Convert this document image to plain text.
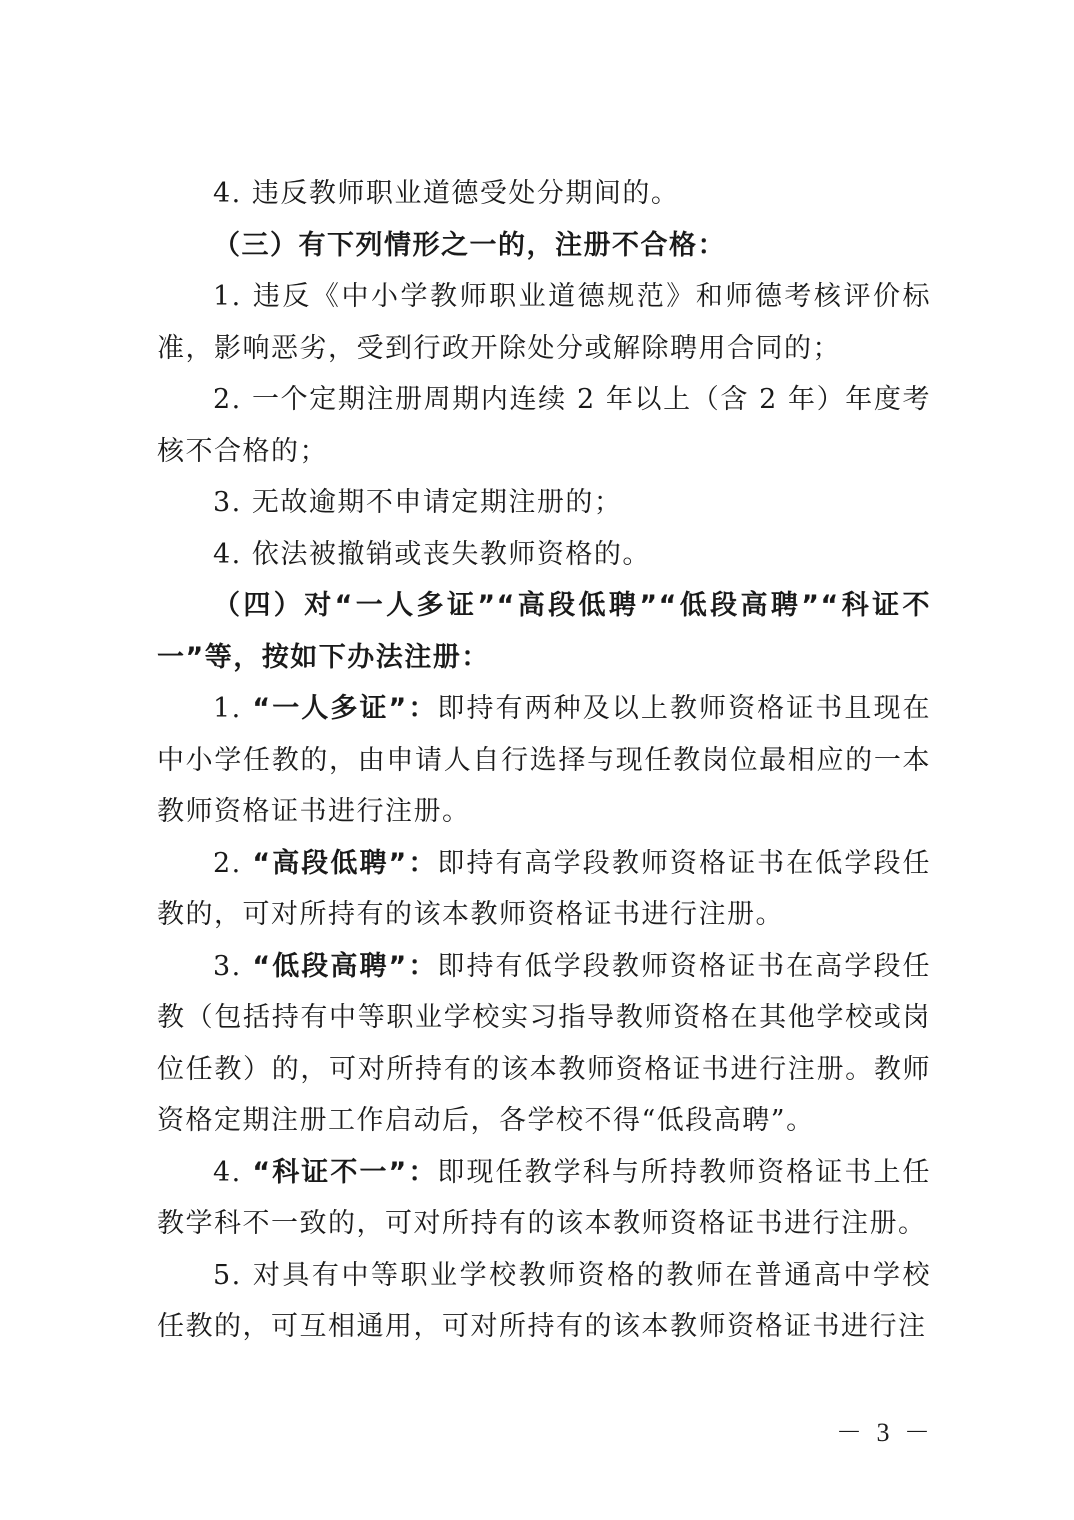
4. 违反教师职业道德受处分期间的。

（三）有下列情形之一的，注册不合格：

1. 违反《中小学教师职业道德规范》和师德考核评价标准，影响恶劣，受到行政开除处分或解除聘用合同的；

2. 一个定期注册周期内连续 2 年以上（含 2 年）年度考核不合格的；

3. 无故逾期不申请定期注册的；

4. 依法被撤销或丧失教师资格的。

（四）对“一人多证”“高段低聘”“低段高聘”“科证不一”等，按如下办法注册：

1. “一人多证”：即持有两种及以上教师资格证书且现在中小学任教的，由申请人自行选择与现任教岗位最相应的一本教师资格证书进行注册。

2. “高段低聘”：即持有高学段教师资格证书在低学段任教的，可对所持有的该本教师资格证书进行注册。

3. “低段高聘”：即持有低学段教师资格证书在高学段任教（包括持有中等职业学校实习指导教师资格在其他学校或岗位任教）的，可对所持有的该本教师资格证书进行注册。教师资格定期注册工作启动后，各学校不得“低段高聘”。

4. “科证不一”：即现任教学科与所持教师资格证书上任教学科不一致的，可对所持有的该本教师资格证书进行注册。

5. 对具有中等职业学校教师资格的教师在普通高中学校任教的，可互相通用，可对所持有的该本教师资格证书进行注

－ 3 －
